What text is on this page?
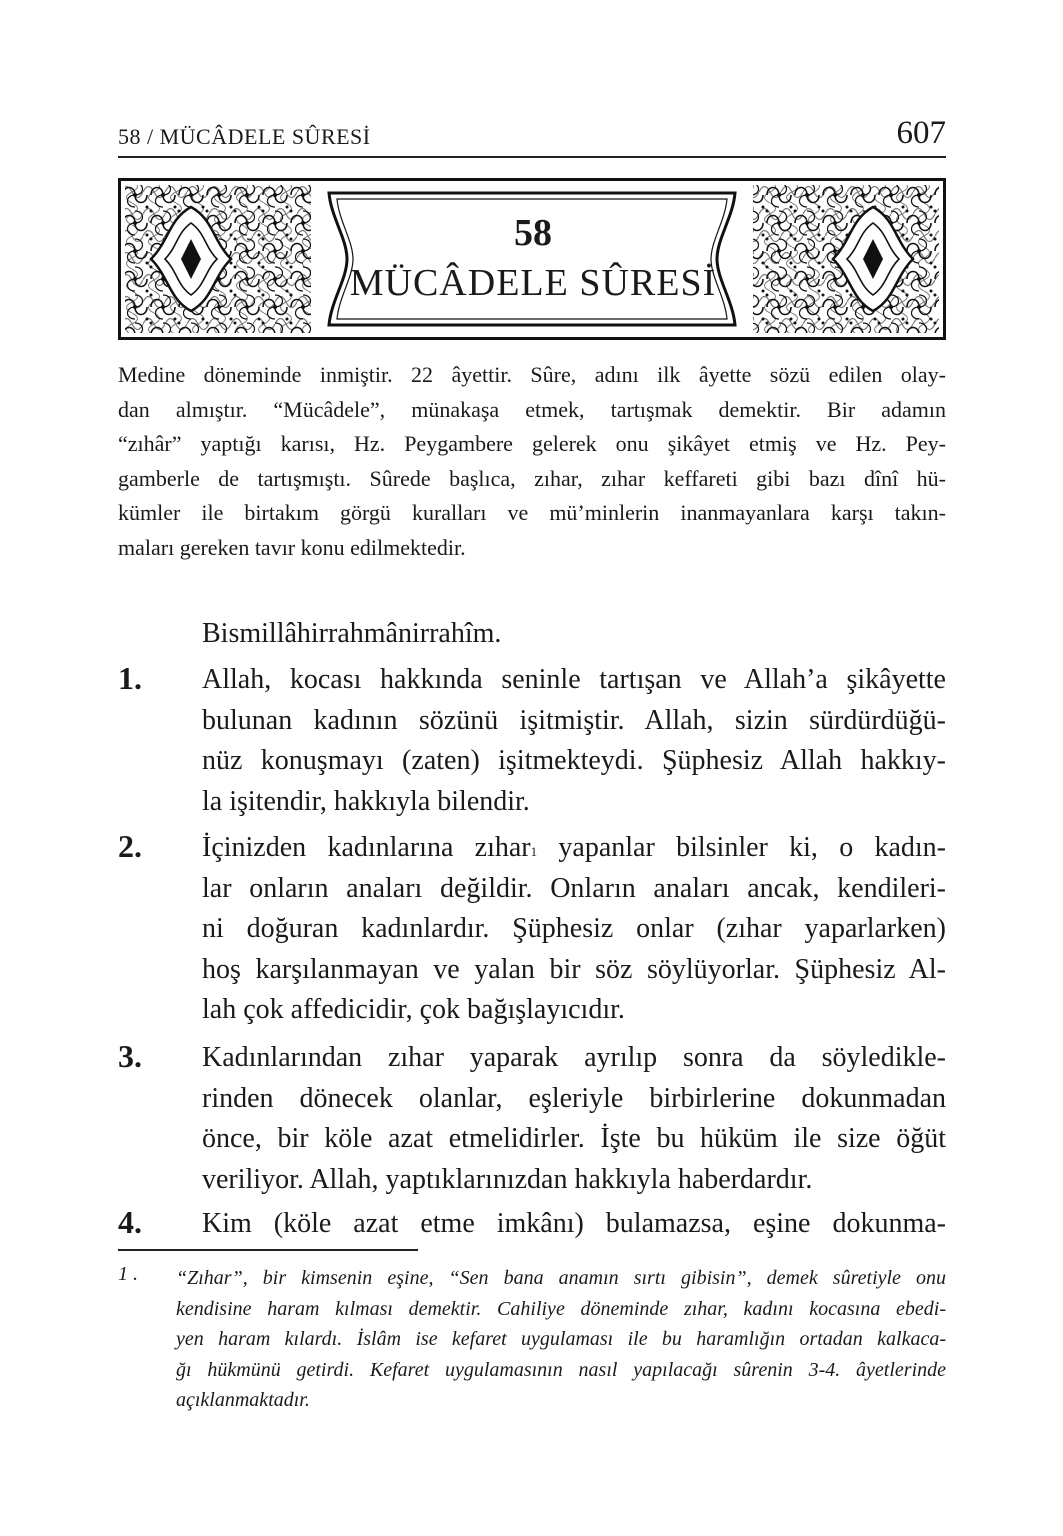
58 / MÜCÂDELE SÛRESİ	607
58
MÜCÂDELE SÛRESİ
Medine döneminde inmiştir. 22 âyettir. Sûre, adını ilk âyette sözü edilen olay-
dan almıştır. “Mücâdele”, münakaşa etmek, tartışmak demektir. Bir adamın
“zıhâr” yaptığı karısı, Hz. Peygambere gelerek onu şikâyet etmiş ve Hz. Pey-
gamberle de tartışmıştı. Sûrede başlıca, zıhar, zıhar keffareti gibi bazı dînî hü-
kümler ile birtakım görgü kuralları ve mü’minlerin inanmayanlara karşı takın-
maları gereken tavır konu edilmektedir.
Bismillâhirrahmânirrahîm.
1. Allah, kocası hakkında seninle tartışan ve Allah’a şikâyette
bulunan kadının sözünü işitmiştir. Allah, sizin sürdürdüğü-
nüz konuşmayı (zaten) işitmekteydi. Şüphesiz Allah hakkıy-
la işitendir, hakkıyla bilendir.
2. İçinizden kadınlarına zıhar$^1$ yapanlar bilsinler ki, o kadın-
lar onların anaları değildir. Onların anaları ancak, kendileri-
ni doğuran kadınlardır. Şüphesiz onlar (zıhar yaparlarken)
hoş karşılanmayan ve yalan bir söz söylüyorlar. Şüphesiz Al-
lah çok affedicidir, çok bağışlayıcıdır.
3. Kadınlarından zıhar yaparak ayrılıp sonra da söyledikle-
rinden dönecek olanlar, eşleriyle birbirlerine dokunmadan
önce, bir köle azat etmelidirler. İşte bu hüküm ile size öğüt
veriliyor. Allah, yaptıklarınızdan hakkıyla haberdardır.
4. Kim (köle azat etme imkânı) bulamazsa, eşine dokunma-
1 . “Zıhar”, bir kimsenin eşine, “Sen bana anamın sırtı gibisin”, demek sûretiyle onu
kendisine haram kılması demektir. Cahiliye döneminde zıhar, kadını kocasına ebedi-
yen haram kılardı. İslâm ise kefaret uygulaması ile bu haramlığın ortadan kalkaca-
ğı hükmünü getirdi. Kefaret uygulamasının nasıl yapılacağı sûrenin 3-4. âyetlerinde
açıklanmaktadır.
